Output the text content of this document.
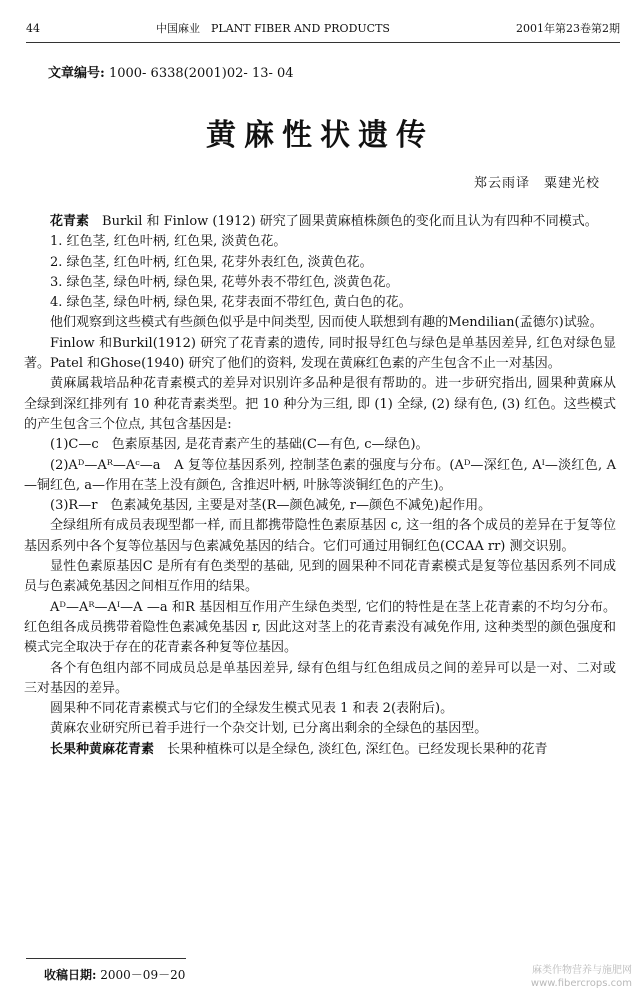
44	中国麻业　PLANT FIBER AND PRODUCTS	2001年第23卷第2期
文章编号: 1000- 6338(2001)02- 13- 04
黄麻性状遗传
郑云雨译　粟建光校

花青素　Burkil 和 Finlow (1912) 研究了圆果黄麻植株颜色的变化而且认为有四种不同模式。

1. 红色茎, 红色叶柄, 红色果, 淡黄色花。

2. 绿色茎, 红色叶柄, 红色果, 花芽外表红色, 淡黄色花。

3. 绿色茎, 绿色叶柄, 绿色果, 花萼外表不带红色, 淡黄色花。

4. 绿色茎, 绿色叶柄, 绿色果, 花芽表面不带红色, 黄白色的花。

他们观察到这些模式有些颜色似乎是中间类型, 因而使人联想到有趣的Mendilian(孟德尔)试验。

Finlow 和Burkil(1912) 研究了花青素的遗传, 同时报导红色与绿色是单基因差异, 红色对绿色显著。Patel 和Ghose(1940) 研究了他们的资料, 发现在黄麻红色素的产生包含不止一对基因。

黄麻属栽培品种花青素模式的差异对识别许多品种是很有帮助的。进一步研究指出, 圆果种黄麻从全绿到深红排列有 10 种花青素类型。把 10 种分为三组, 即 (1) 全绿, (2) 绿有色, (3) 红色。这些模式的产生包含三个位点, 其包含基因是:

(1)C—c　色素原基因, 是花青素产生的基础(C—有色, c—绿色)。

(2)Aᴰ—Aᴿ—Aᶜ—a　A 复等位基因系列, 控制茎色素的强度与分布。(Aᴰ—深红色, Aᴵ—淡红色, A—铜红色, a—作用在茎上没有颜色, 含推迟叶柄, 叶脉等淡铜红色的产生)。

(3)R—r　色素减免基因, 主要是对茎(R—颜色减免, r—颜色不减免)起作用。

全绿组所有成员表现型都一样, 而且都携带隐性色素原基因 c, 这一组的各个成员的差异在于复等位基因系列中各个复等位基因与色素减免基因的结合。它们可通过用铜红色(CCAA rr) 测交识别。

显性色素原基因C 是所有有色类型的基础, 见到的圆果种不同花青素模式是复等位基因系列不同成员与色素减免基因之间相互作用的结果。

Aᴰ—Aᴿ—Aᴵ—A —a 和R 基因相互作用产生绿色类型, 它们的特性是在茎上花青素的不均匀分布。红色组各成员携带着隐性色素减免基因 r, 因此这对茎上的花青素没有减免作用, 这种类型的颜色强度和模式完全取决于存在的花青素各种复等位基因。

各个有色组内部不同成员总是单基因差异, 绿有色组与红色组成员之间的差异可以是一对、二对或三对基因的差异。

圆果种不同花青素模式与它们的全绿发生模式见表 1 和表 2(表附后)。

黄麻农业研究所已着手进行一个杂交计划, 已分离出剩余的全绿色的基因型。

长果种黄麻花青素　长果种植株可以是全绿色, 淡红色, 深红色。已经发现长果种的花青

收稿日期: 2000－09－20	麻类作物营养与施肥网
www.fibercrops.com
